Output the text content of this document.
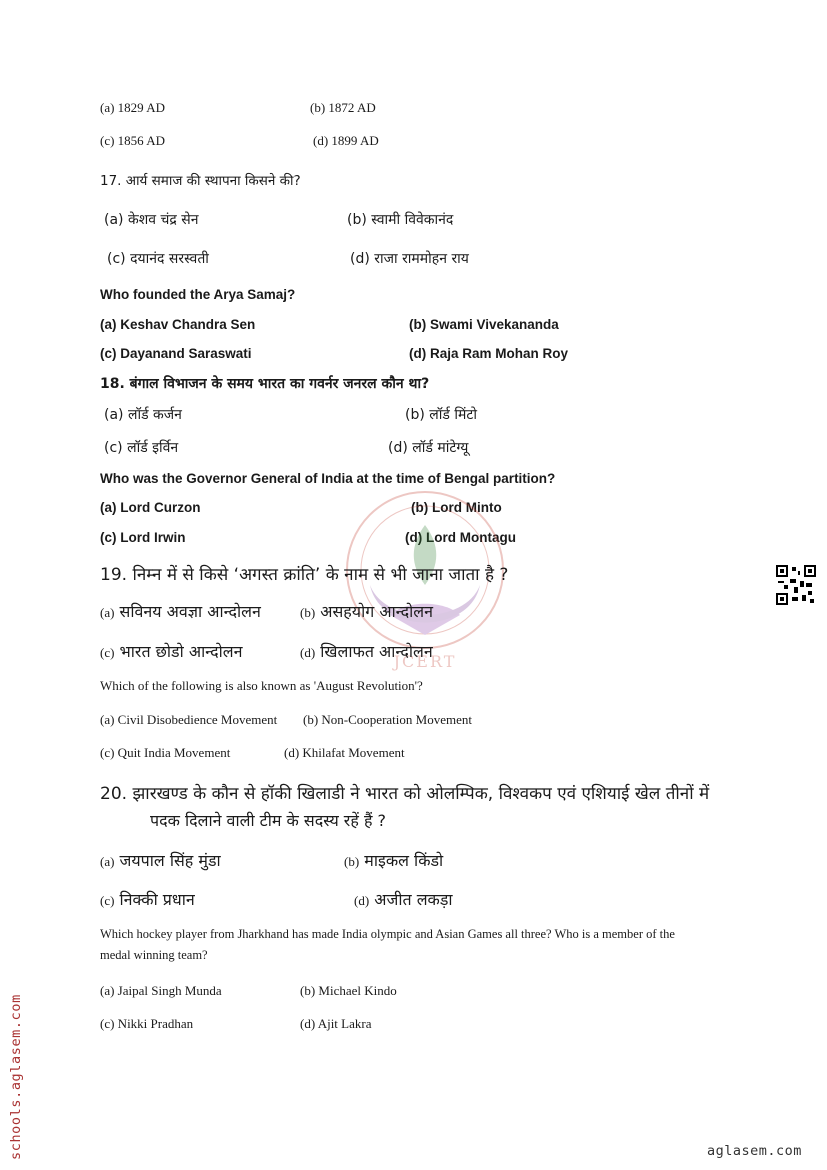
(a) 1829 AD	(b) 1872 AD
(c) 1856 AD	(d) 1899 AD
17. आर्य समाज की स्थापना किसने की?
(a) केशव चंद्र सेन	(b) स्वामी विवेकानंद
(c) दयानंद सरस्वती	(d) राजा राममोहन राय
Who founded the Arya Samaj?
(a) Keshav Chandra Sen	(b) Swami Vivekananda
(c) Dayanand Saraswati	(d) Raja Ram Mohan Roy
18. बंगाल विभाजन के समय भारत का गवर्नर जनरल कौन था?
(a) लॉर्ड कर्जन	(b) लॉर्ड मिंटो
(c) लॉर्ड इर्विन	(d) लॉर्ड मांटेग्यू
Who was the Governor General of India at the time of Bengal partition?
(a) Lord Curzon	(b) Lord Minto
(c) Lord Irwin	(d) Lord Montagu
JCERT
19. निम्न में से किसे ‘अगस्त क्रांति’ के नाम से भी जाना जाता है ?
(a) सविनय अवज्ञा आन्दोलन	(b) असहयोग आन्दोलन
(c) भारत छोडो आन्दोलन	(d) खिलाफत आन्दोलन
Which of the following is also known as 'August Revolution'?
(a) Civil Disobedience Movement (b) Non-Cooperation Movement
(c) Quit India Movement	(d) Khilafat Movement
20. झारखण्ड के कौन से हॉकी खिलाडी ने भारत को ओलम्पिक, विश्वकप एवं एशियाई खेल तीनों में
पदक दिलाने वाली टीम के सदस्य रहें हैं ?
(a) जयपाल सिंह मुंडा	(b) माइकल किंडो
(c) निक्की प्रधान	(d) अजीत लकड़ा
Which hockey player from Jharkhand has made India olympic and Asian Games all three? Who is a member of the
medal winning team?
(a) Jaipal Singh Munda	(b) Michael Kindo
(c) Nikki Pradhan	(d) Ajit Lakra
schools.aglasem.com	aglasem.com
